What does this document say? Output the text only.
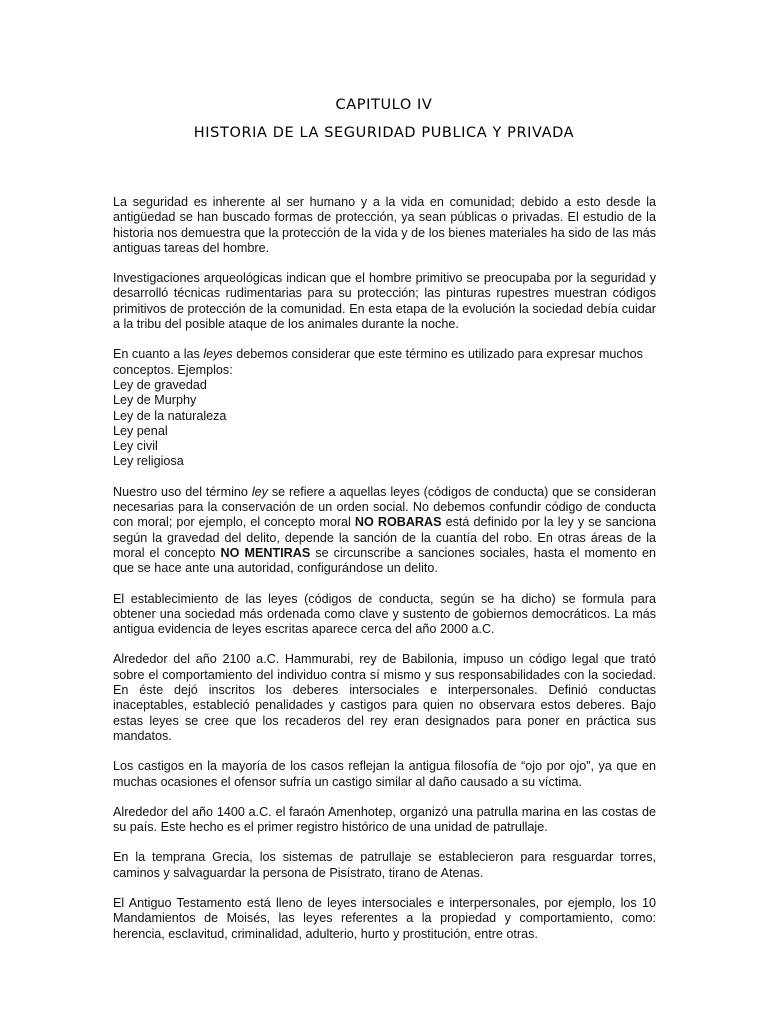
CAPITULO IV
HISTORIA DE LA SEGURIDAD PUBLICA Y PRIVADA

La seguridad es inherente al ser humano y a la vida en comunidad; debido a esto desde la antigüedad se han buscado formas de protección, ya sean públicas o privadas. El estudio de la historia nos demuestra que la protección de la vida y de los bienes materiales ha sido de las más antiguas tareas del hombre.

Investigaciones arqueológicas indican que el hombre primitivo se preocupaba por la seguridad y desarrolló técnicas rudimentarias para su protección; las pinturas rupestres muestran códigos primitivos de protección de la comunidad. En esta etapa de la evolución la sociedad debía cuidar a la tribu del posible ataque de los animales durante la noche.

En cuanto a las leyes debemos considerar que este término es utilizado para expresar muchos conceptos. Ejemplos:
Ley de gravedad
Ley de Murphy
Ley de la naturaleza
Ley penal
Ley civil
Ley religiosa

Nuestro uso del término ley se refiere a aquellas leyes (códigos de conducta) que se consideran necesarias para la conservación de un orden social. No debemos confundir código de conducta con moral; por ejemplo, el concepto moral NO ROBARAS está definido por la ley y se sanciona según la gravedad del delito, depende la sanción de la cuantía del robo. En otras áreas de la moral el concepto NO MENTIRAS se circunscribe a sanciones sociales, hasta el momento en que se hace ante una autoridad, configurándose un delito.

El establecimiento de las leyes (códigos de conducta, según se ha dicho) se formula para obtener una sociedad más ordenada como clave y sustento de gobiernos democráticos. La más antigua evidencia de leyes escritas aparece cerca del año 2000 a.C.

Alrededor del año 2100 a.C. Hammurabi, rey de Babilonia, impuso un código legal que trató sobre el comportamiento del individuo contra sí mismo y sus responsabilidades con la sociedad. En éste dejó inscritos los deberes intersociales e interpersonales. Definió conductas inaceptables, estableció penalidades y castigos para quien no observara estos deberes. Bajo estas leyes se cree que los recaderos del rey eran designados para poner en práctica sus mandatos.

Los castigos en la mayoría de los casos reflejan la antigua filosofía de “ojo por ojo”, ya que en muchas ocasiones el ofensor sufría un castigo similar al daño causado a su víctima.

Alrededor del año 1400 a.C. el faraón Amenhotep, organizó una patrulla marina en las costas de su país. Este hecho es el primer registro histórico de una unidad de patrullaje.

En la temprana Grecia, los sistemas de patrullaje se establecieron para resguardar torres, caminos y salvaguardar la persona de Pisístrato, tirano de Atenas.

El Antiguo Testamento está lleno de leyes intersociales e interpersonales, por ejemplo, los 10 Mandamientos de Moisés, las leyes referentes a la propiedad y comportamiento, como: herencia, esclavitud, criminalidad, adulterio, hurto y prostitución, entre otras.
